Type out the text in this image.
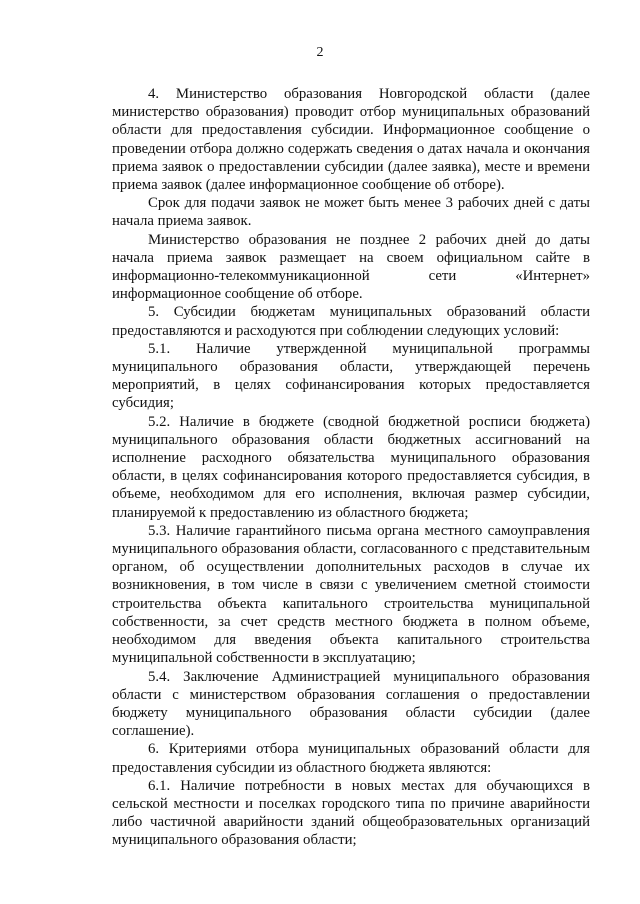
2

4. Министерство образования Новгородской области (далее министерство образования) проводит отбор муниципальных образований области для предоставления субсидии. Информационное сообщение о проведении отбора должно содержать сведения о датах начала и окончания приема заявок о предоставлении субсидии (далее заявка), месте и времени приема заявок (далее информационное сообщение об отборе).

Срок для подачи заявок не может быть менее 3 рабочих дней с даты начала приема заявок.

Министерство образования не позднее 2 рабочих дней до даты начала приема заявок размещает на своем официальном сайте в информационно-телекоммуникационной сети «Интернет» информационное сообщение об отборе.

5. Субсидии бюджетам муниципальных образований области предоставляются и расходуются при соблюдении следующих условий:

5.1. Наличие утвержденной муниципальной программы муниципального образования области, утверждающей перечень мероприятий, в целях софинансирования которых предоставляется субсидия;

5.2. Наличие в бюджете (сводной бюджетной росписи бюджета) муниципального образования области бюджетных ассигнований на исполнение расходного обязательства муниципального образования области, в целях софинансирования которого предоставляется субсидия, в объеме, необходимом для его исполнения, включая размер субсидии, планируемой к предоставлению из областного бюджета;

5.3. Наличие гарантийного письма органа местного самоуправления муниципального образования области, согласованного с представительным органом, об осуществлении дополнительных расходов в случае их возникновения, в том числе в связи с увеличением сметной стоимости строительства объекта капитального строительства муниципальной собственности, за счет средств местного бюджета в полном объеме, необходимом для введения объекта капитального строительства муниципальной собственности в эксплуатацию;

5.4. Заключение Администрацией муниципального образования области с министерством образования соглашения о предоставлении бюджету муниципального образования области субсидии (далее соглашение).

6. Критериями отбора муниципальных образований области для предоставления субсидии из областного бюджета являются:

6.1. Наличие потребности в новых местах для обучающихся в сельской местности и поселках городского типа по причине аварийности либо частичной аварийности зданий общеобразовательных организаций муниципального образования области;
